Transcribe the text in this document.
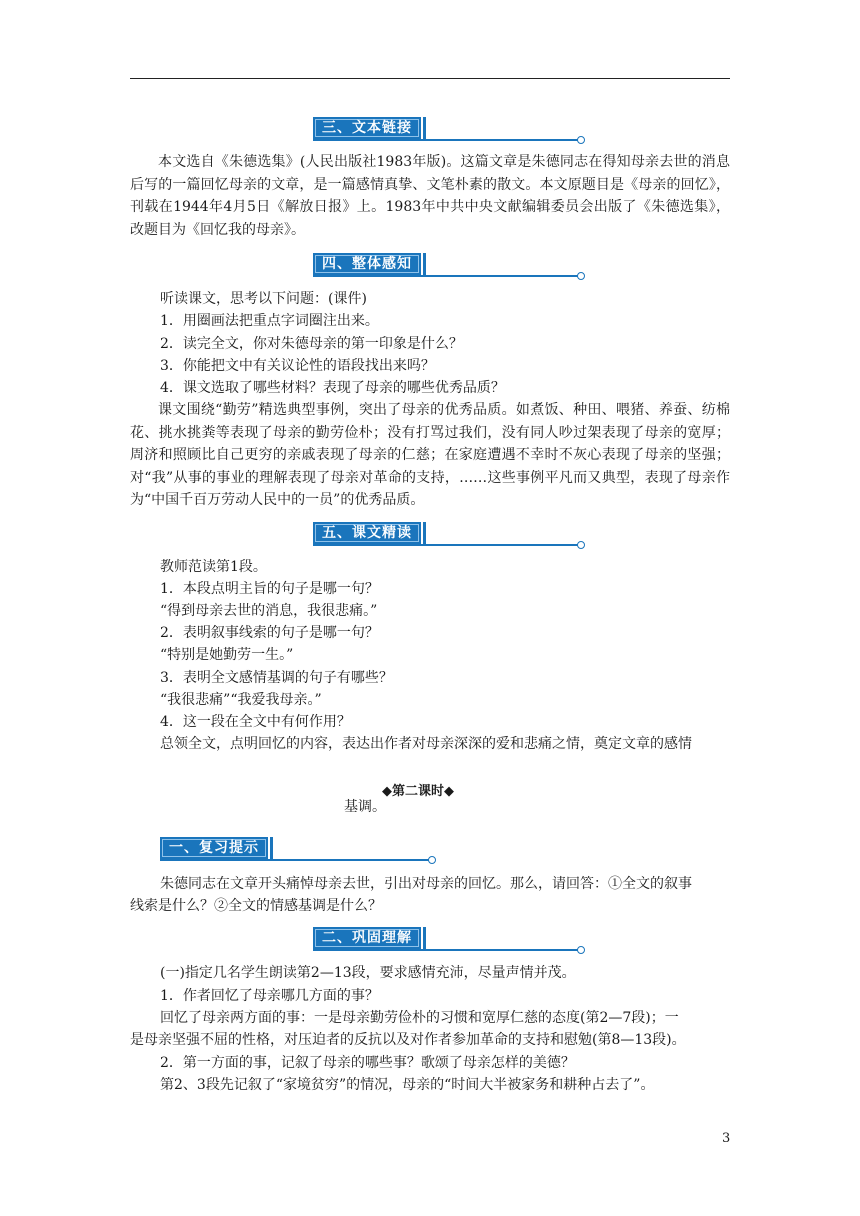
三、文本链接
本文选自《朱德选集》(人民出版社1983年版)。这篇文章是朱德同志在得知母亲去世的消息后写的一篇回忆母亲的文章，是一篇感情真挚、文笔朴素的散文。本文原题目是《母亲的回忆》，刊载在1944年4月5日《解放日报》上。1983年中共中央文献编辑委员会出版了《朱德选集》，改题目为《回忆我的母亲》。
四、整体感知
听读课文，思考以下问题：(课件)
1．用圈画法把重点字词圈注出来。
2．读完全文，你对朱德母亲的第一印象是什么？
3．你能把文中有关议论性的语段找出来吗？
4．课文选取了哪些材料？表现了母亲的哪些优秀品质？
课文围绕“勤劳”精选典型事例，突出了母亲的优秀品质。如煮饭、种田、喂猪、养蚕、纺棉花、挑水挑粪等表现了母亲的勤劳俭朴；没有打骂过我们，没有同人吵过架表现了母亲的宽厚；周济和照顾比自己更穷的亲戚表现了母亲的仁慈；在家庭遭遇不幸时不灰心表现了母亲的坚强；对“我”从事的事业的理解表现了母亲对革命的支持，……这些事例平凡而又典型，表现了母亲作为“中国千百万劳动人民中的一员”的优秀品质。
五、课文精读
教师范读第1段。
1．本段点明主旨的句子是哪一句？
“得到母亲去世的消息，我很悲痛。”
2．表明叙事线索的句子是哪一句？
“特别是她勤劳一生。”
3．表明全文感情基调的句子有哪些？
“我很悲痛”“我爱我母亲。”
4．这一段在全文中有何作用？
总领全文，点明回忆的内容，表达出作者对母亲深深的爱和悲痛之情，奠定文章的感情
◆第二课时◆
基调。
一、复习提示
朱德同志在文章开头痛悼母亲去世，引出对母亲的回忆。那么，请回答：①全文的叙事
线索是什么？②全文的情感基调是什么？
二、巩固理解
(一)指定几名学生朗读第2—13段，要求感情充沛，尽量声情并茂。
1．作者回忆了母亲哪几方面的事？
回忆了母亲两方面的事：一是母亲勤劳俭朴的习惯和宽厚仁慈的态度(第2—7段)；一
是母亲坚强不屈的性格，对压迫者的反抗以及对作者参加革命的支持和慰勉(第8—13段)。
2．第一方面的事，记叙了母亲的哪些事？歌颂了母亲怎样的美德？
第2、3段先记叙了“家境贫穷”的情况，母亲的“时间大半被家务和耕种占去了”。
3
